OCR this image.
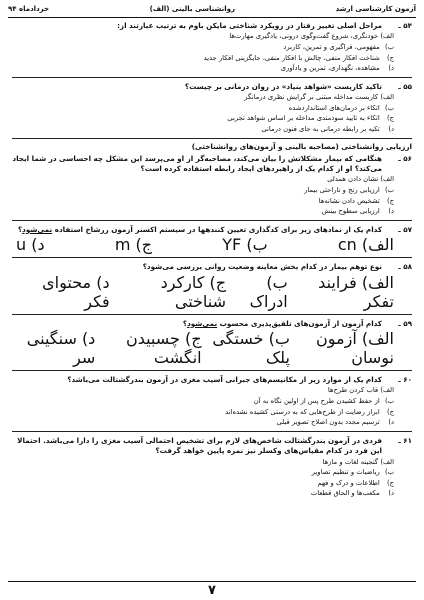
آزمون کارشناسی ارشد
روانشناسی بالینی (الف)
خردادماه ۹۴
۵۴ ـ
مراحل اصلی تغییر رفتار در رویکرد شناختی مایکن باوم به ترتیب عبارتند از:
الف) خودنگری، شروع گفت‌وگوی درونی، یادگیری مهارت‌ها
ب) مفهومی، فراگیری و تمرین، کاربرد
ج) شناخت افکار منفی، چالش با افکار منفی، جایگزینی افکار جدید
د) مشاهده، نگهداری، تمرین و یادآوری
۵۵ ـ
تاکید کاریست «شواهد بنیاد» در روان درمانی بر چیست؟
الف) کاربست مداخله مبتنی بر گرایش نظری درمانگر
ب) اتکاء بر درمان‌های استانداردشده
ج) اتکاء به تایید سودمندی مداخله بر اساس شواهد تجربی
د) تکیه بر رابطه درمانی به جای فنون درمانی
ارزیابی روانشناختی (مصاحبه بالینی و آزمون‌های روانشناختی)
۵۶ ـ
هنگامی که بیمار مشکلاتش را بیان می‌کند، مصاحبه‌گر از او می‌پرسد این مشکل چه احساسی در شما ایجاد می‌کند؟ او از کدام یک از راهبردهای ایجاد رابطه استفاده کرده است؟
الف) نشان دادن همدلی
ب) ارزیابی رنج و ناراحتی بیمار
ج) تشخیص دادن نشانه‌ها
د) ارزیابی سطوح بینش
۵۷ ـ
کدام یک از نمادهای زیر برای کدگذاری تعیین کنندهها در سیستم اکسنر آزمون ررشاخ استفاده نمی‌شود؟
الف) cn
ب) YF
ج) m
د) u
۵۸ ـ
نوع توهم بیمار در کدام بخش معاینه وضعیت روانی بررسی می‌شود؟
الف) فرایند تفکر
ب) ادراک
ج) کارکرد شناختی
د) محتوای فکر
۵۹ ـ
کدام آزمون از آزمون‌های تلفیق‌پذیری محسوب نمی‌شود؟
الف) آزمون نوسان
ب) خستگی پلک
ج) چسبیدن انگشت
د) سنگینی سر
۶۰ ـ
کدام یک از موارد زیر از مکانیسم‌های جبرانی آسیب مغزی در آزمون بندرگشتالت می‌باشد؟
الف) قاب کردن طرح‌ها
ب) از حفظ کشیدن طرح پس از اولین نگاه به آن
ج) ابراز رضایت از طرح‌هایی که به درستی کشیده نشده‌اند
د) ترسیم مجدد بدون اصلاح تصویر قبلی
۶۱ ـ
فردی در آزمون بندرگشتالت شاخص‌های لازم برای تشخیص احتمالی آسیب مغزی را دارا می‌باشد. احتمالا این فرد در کدام مقیاس‌های وکسلر نیز نمره پایین خواهد گرفت؟
الف) گنجینه لغات و مازها
ب) ریاضیات و تنظیم تصاویر
ج) اطلاعات و درک و فهم
د) مکعب‌ها و الحاق قطعات
۷
